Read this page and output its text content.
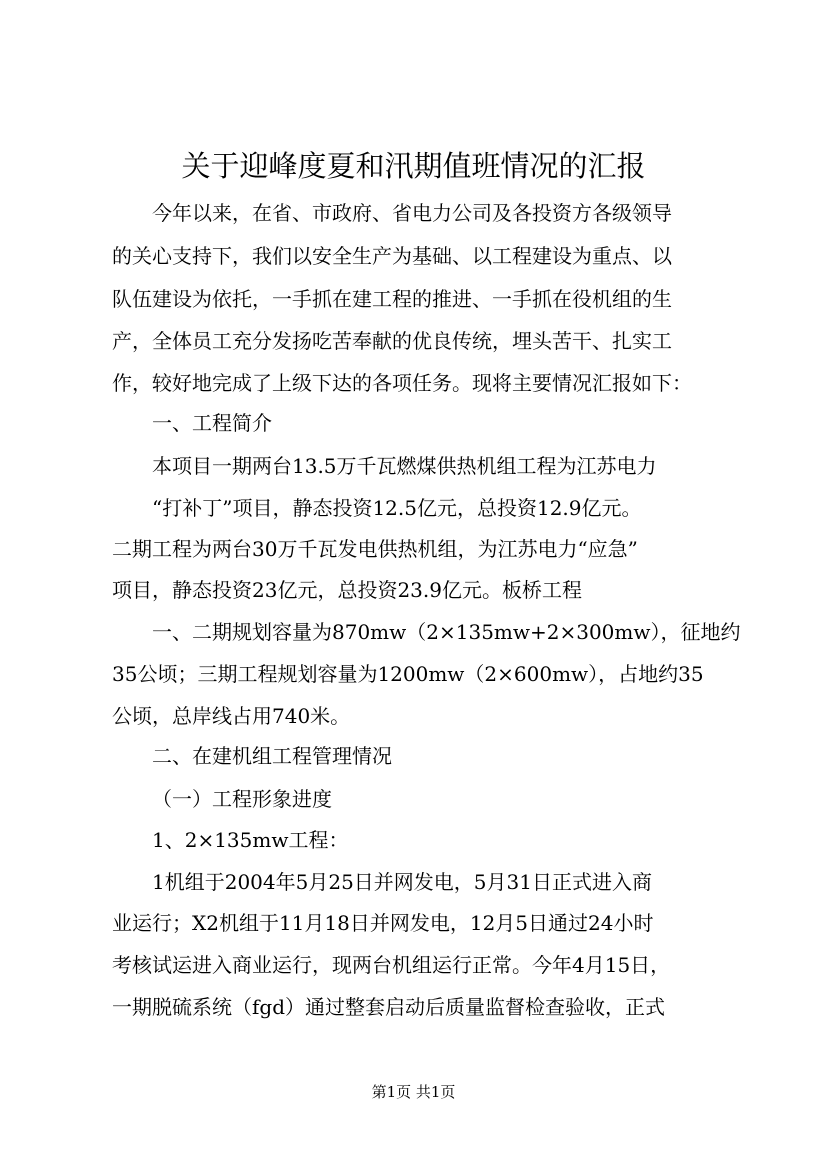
关于迎峰度夏和汛期值班情况的汇报

今年以来，在省、市政府、省电力公司及各投资方各级领导

的关心支持下，我们以安全生产为基础、以工程建设为重点、以

队伍建设为依托，一手抓在建工程的推进、一手抓在役机组的生

产，全体员工充分发扬吃苦奉献的优良传统，埋头苦干、扎实工

作，较好地完成了上级下达的各项任务。现将主要情况汇报如下：

一、工程简介

本项目一期两台13.5万千瓦燃煤供热机组工程为江苏电力

“打补丁”项目，静态投资12.5亿元，总投资12.9亿元。

二期工程为两台30万千瓦发电供热机组，为江苏电力“应急”

项目，静态投资23亿元，总投资23.9亿元。板桥工程

一、二期规划容量为870mw（2×135mw+2×300mw），征地约

35公顷；三期工程规划容量为1200mw（2×600mw），占地约35

公顷，总岸线占用740米。

二、在建机组工程管理情况

（一）工程形象进度

1、2×135mw工程：

1机组于2004年5月25日并网发电，5月31日正式进入商

业运行；X2机组于11月18日并网发电，12月5日通过24小时

考核试运进入商业运行，现两台机组运行正常。今年4月15日，

一期脱硫系统（fgd）通过整套启动后质量监督检查验收，正式

第1页 共1页
